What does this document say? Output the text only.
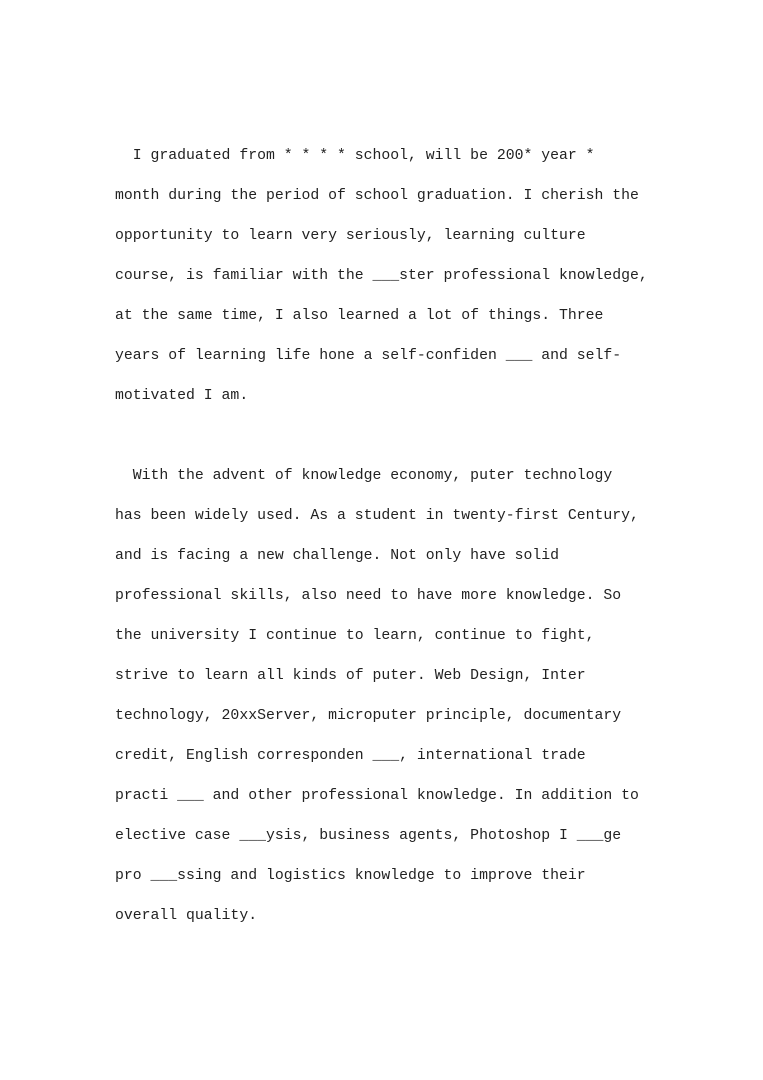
I graduated from * * * * school, will be 200* year *
month during the period of school graduation. I cherish the
opportunity to learn very seriously, learning culture
course, is familiar with the ___ster professional knowledge,
at the same time, I also learned a lot of things. Three
years of learning life hone a self-confiden ___ and self-
motivated I am.
With the advent of knowledge economy, puter technology
has been widely used. As a student in twenty-first Century,
and is facing a new challenge. Not only have solid
professional skills, also need to have more knowledge. So
the university I continue to learn, continue to fight,
strive to learn all kinds of puter. Web Design, Inter
technology, 20xxServer, microputer principle, documentary
credit, English corresponden ___, international trade
practi ___ and other professional knowledge. In addition to
elective case ___ysis, business agents, Photoshop I ___ge
pro ___ssing and logistics knowledge to improve their
overall quality.
